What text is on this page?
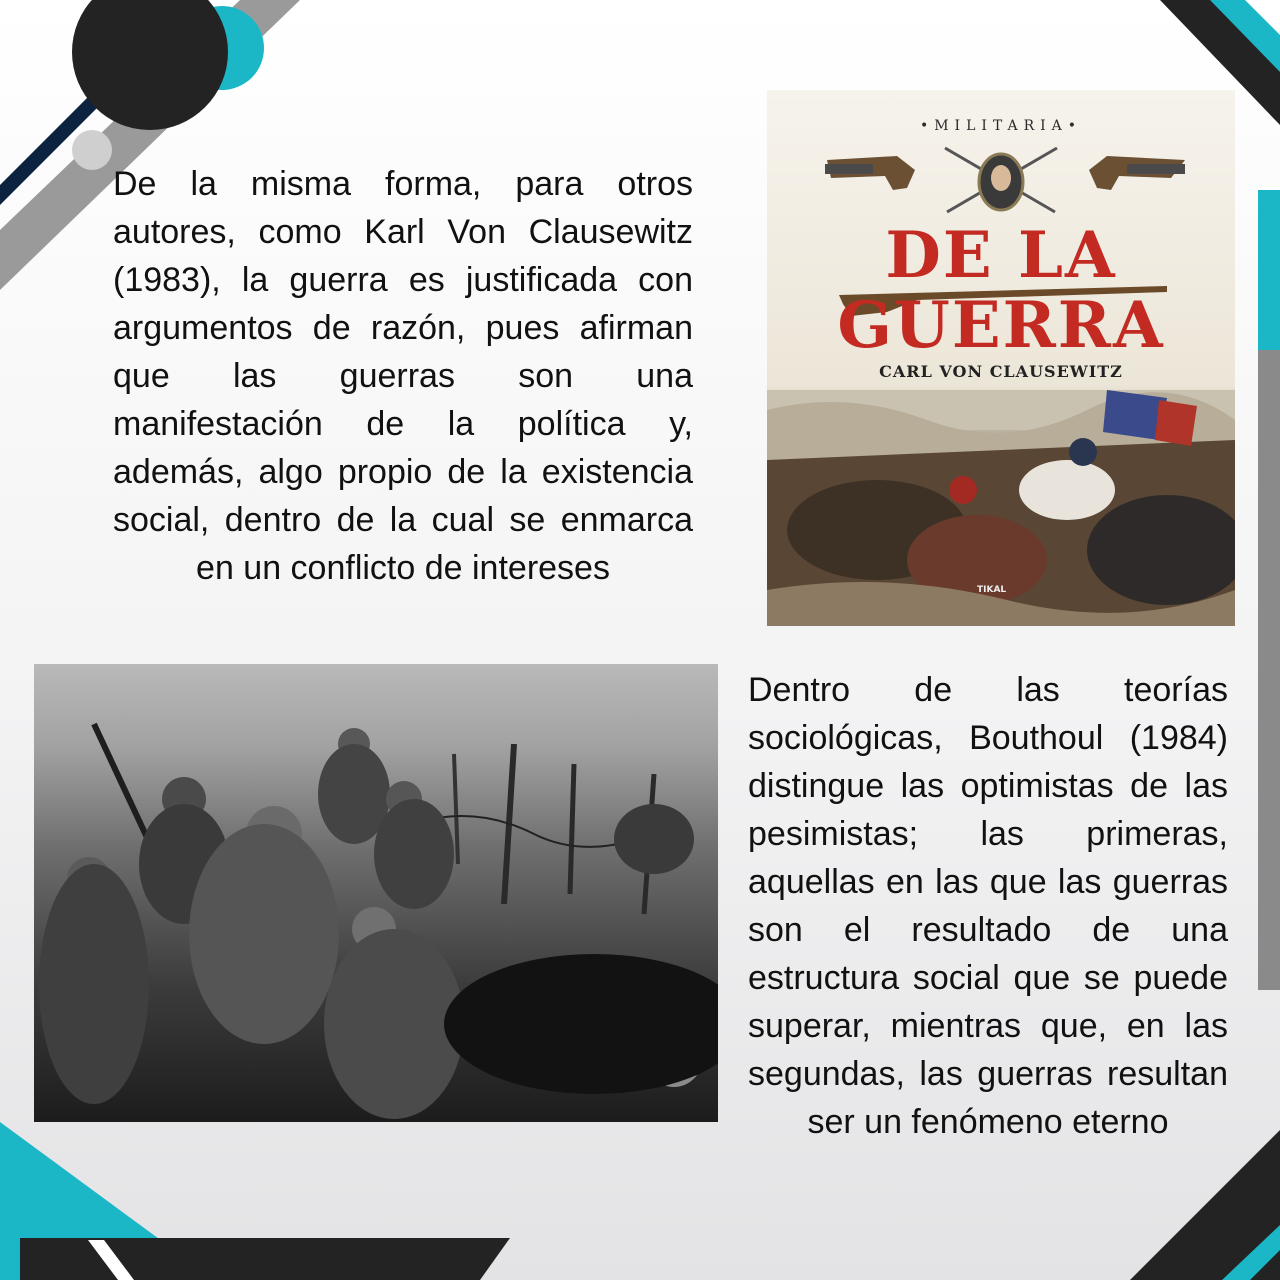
De la misma forma, para otros autores, como Karl Von Clausewitz (1983), la guerra es justificada con argumentos de razón, pues afirman que las guerras son una manifestación de la política y, además, algo propio de la existencia social, dentro de la cual se enmarca en un conflicto de intereses

•MILITARIA•
DE LA
GUERRA
CARL VON CLAUSEWITZ
TIKAL

Dentro de las teorías sociológicas, Bouthoul (1984) distingue las optimistas de las pesimistas; las primeras, aquellas en las que las guerras son el resultado de una estructura social que se puede superar, mientras que, en las segundas, las guerras resultan ser un fenómeno eterno
